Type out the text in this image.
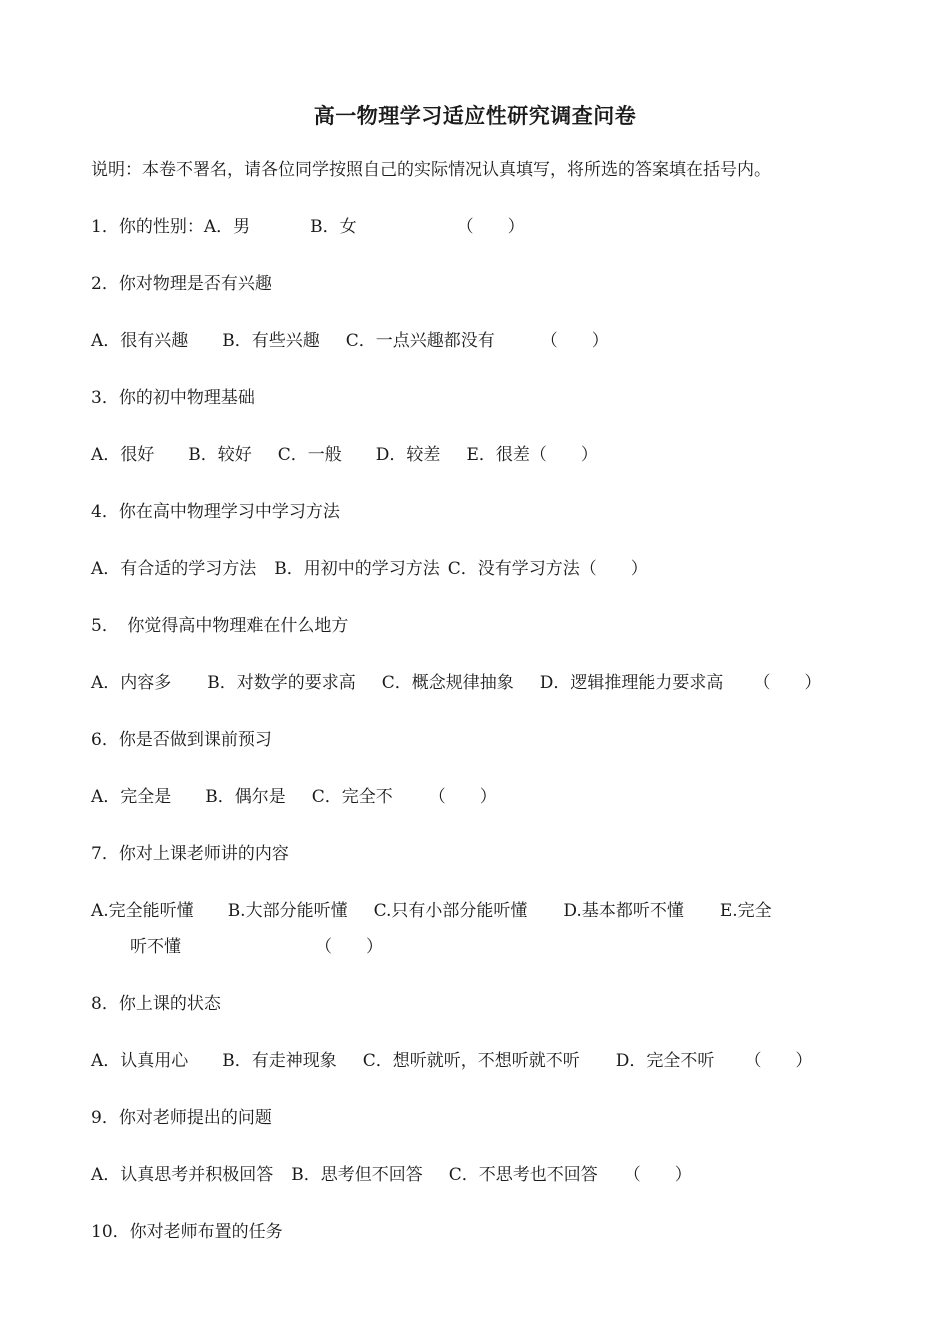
高一物理学习适应性研究调查问卷
说明：本卷不署名，请各位同学按照自己的实际情况认真填写，将所选的答案填在括号内。
1．你的性别：A．男	B．女	（　　）
2．你对物理是否有兴趣
A．很有兴趣 B．有些兴趣 C．一点兴趣都没有	（　　）
3．你的初中物理基础
A．很好 B．较好 C．一般 D．较差 E．很差（　　）
4．你在高中物理学习中学习方法
A．有合适的学习方法 B．用初中的学习方法 C．没有学习方法（　　）
5．　你觉得高中物理难在什么地方
A．内容多 B．对数学的要求高 C．概念规律抽象 D．逻辑推理能力要求高 （　　）
6．你是否做到课前预习
A．完全是 B．偶尔是 C．完全不 （　　）
7．你对上课老师讲的内容
A.完全能听懂 B.大部分能听懂 C.只有小部分能听懂 D.基本都听不懂 E.完全
听不懂	（　　）
8．你上课的状态
A．认真用心 B．有走神现象 C．想听就听，不想听就不听 D．完全不听 （　　）
9．你对老师提出的问题
A．认真思考并积极回答 B．思考但不回答 C．不思考也不回答 （　　）
10．你对老师布置的任务
